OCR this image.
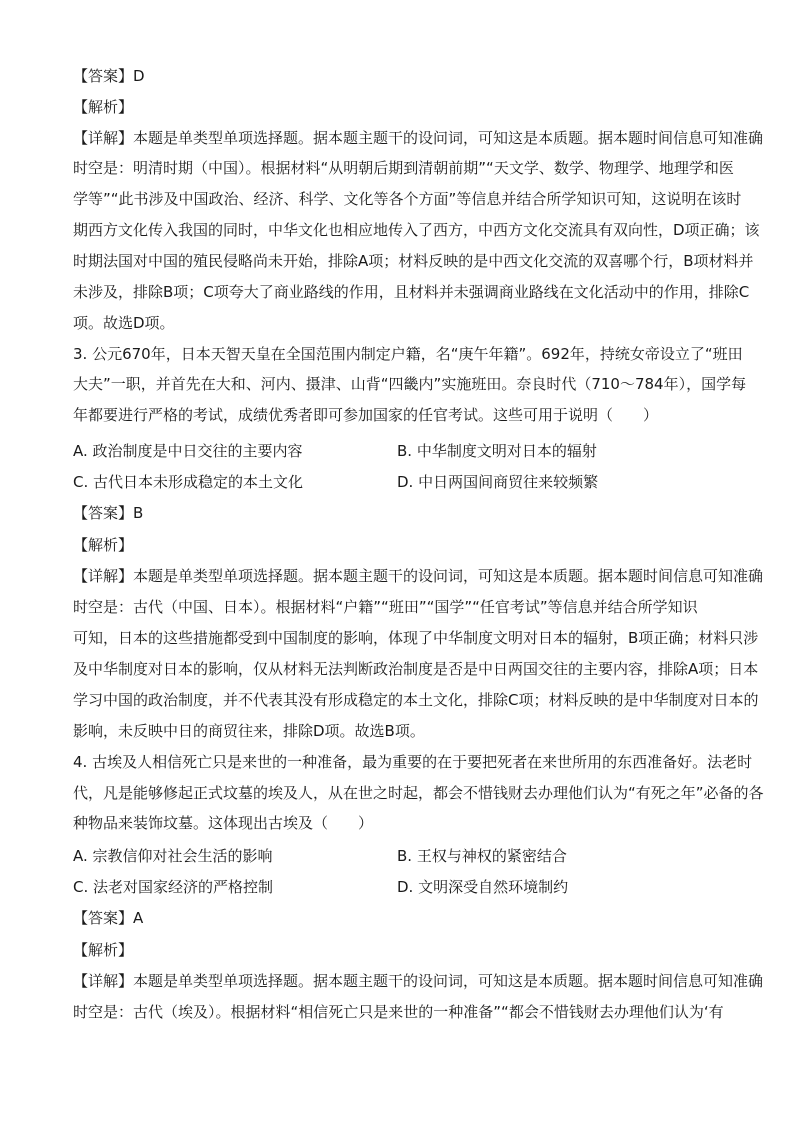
【答案】D
【解析】
【详解】本题是单类型单项选择题。据本题主题干的设问词，可知这是本质题。据本题时间信息可知准确
时空是：明清时期（中国）。根据材料“从明朝后期到清朝前期”“天文学、数学、物理学、地理学和医
学等”“此书涉及中国政治、经济、科学、文化等各个方面”等信息并结合所学知识可知，这说明在该时
期西方文化传入我国的同时，中华文化也相应地传入了西方，中西方文化交流具有双向性，D项正确；该
时期法国对中国的殖民侵略尚未开始，排除A项；材料反映的是中西文化交流的双喜哪个行，B项材料并
未涉及，排除B项；C项夸大了商业路线的作用，且材料并未强调商业路线在文化活动中的作用，排除C
项。故选D项。
3. 公元670年，日本天智天皇在全国范围内制定户籍，名“庚午年籍”。692年，持统女帝设立了“班田
大夫”一职，并首先在大和、河内、摄津、山背“四畿内”实施班田。奈良时代（710～784年），国学每
年都要进行严格的考试，成绩优秀者即可参加国家的任官考试。这些可用于说明（　　）
A. 政治制度是中日交往的主要内容	B. 中华制度文明对日本的辐射
C. 古代日本未形成稳定的本土文化	D. 中日两国间商贸往来较频繁
【答案】B
【解析】
【详解】本题是单类型单项选择题。据本题主题干的设问词，可知这是本质题。据本题时间信息可知准确
时空是：古代（中国、日本）。根据材料“户籍”“班田”“国学”“任官考试”等信息并结合所学知识
可知，日本的这些措施都受到中国制度的影响，体现了中华制度文明对日本的辐射，B项正确；材料只涉
及中华制度对日本的影响，仅从材料无法判断政治制度是否是中日两国交往的主要内容，排除A项；日本
学习中国的政治制度，并不代表其没有形成稳定的本土文化，排除C项；材料反映的是中华制度对日本的
影响，未反映中日的商贸往来，排除D项。故选B项。
4. 古埃及人相信死亡只是来世的一种准备，最为重要的在于要把死者在来世所用的东西准备好。法老时
代，凡是能够修起正式坟墓的埃及人，从在世之时起，都会不惜钱财去办理他们认为“有死之年”必备的各
种物品来装饰坟墓。这体现出古埃及（　　）
A. 宗教信仰对社会生活的影响	B. 王权与神权的紧密结合
C. 法老对国家经济的严格控制	D. 文明深受自然环境制约
【答案】A
【解析】
【详解】本题是单类型单项选择题。据本题主题干的设问词，可知这是本质题。据本题时间信息可知准确
时空是：古代（埃及）。根据材料“相信死亡只是来世的一种准备”“都会不惜钱财去办理他们认为‘有
